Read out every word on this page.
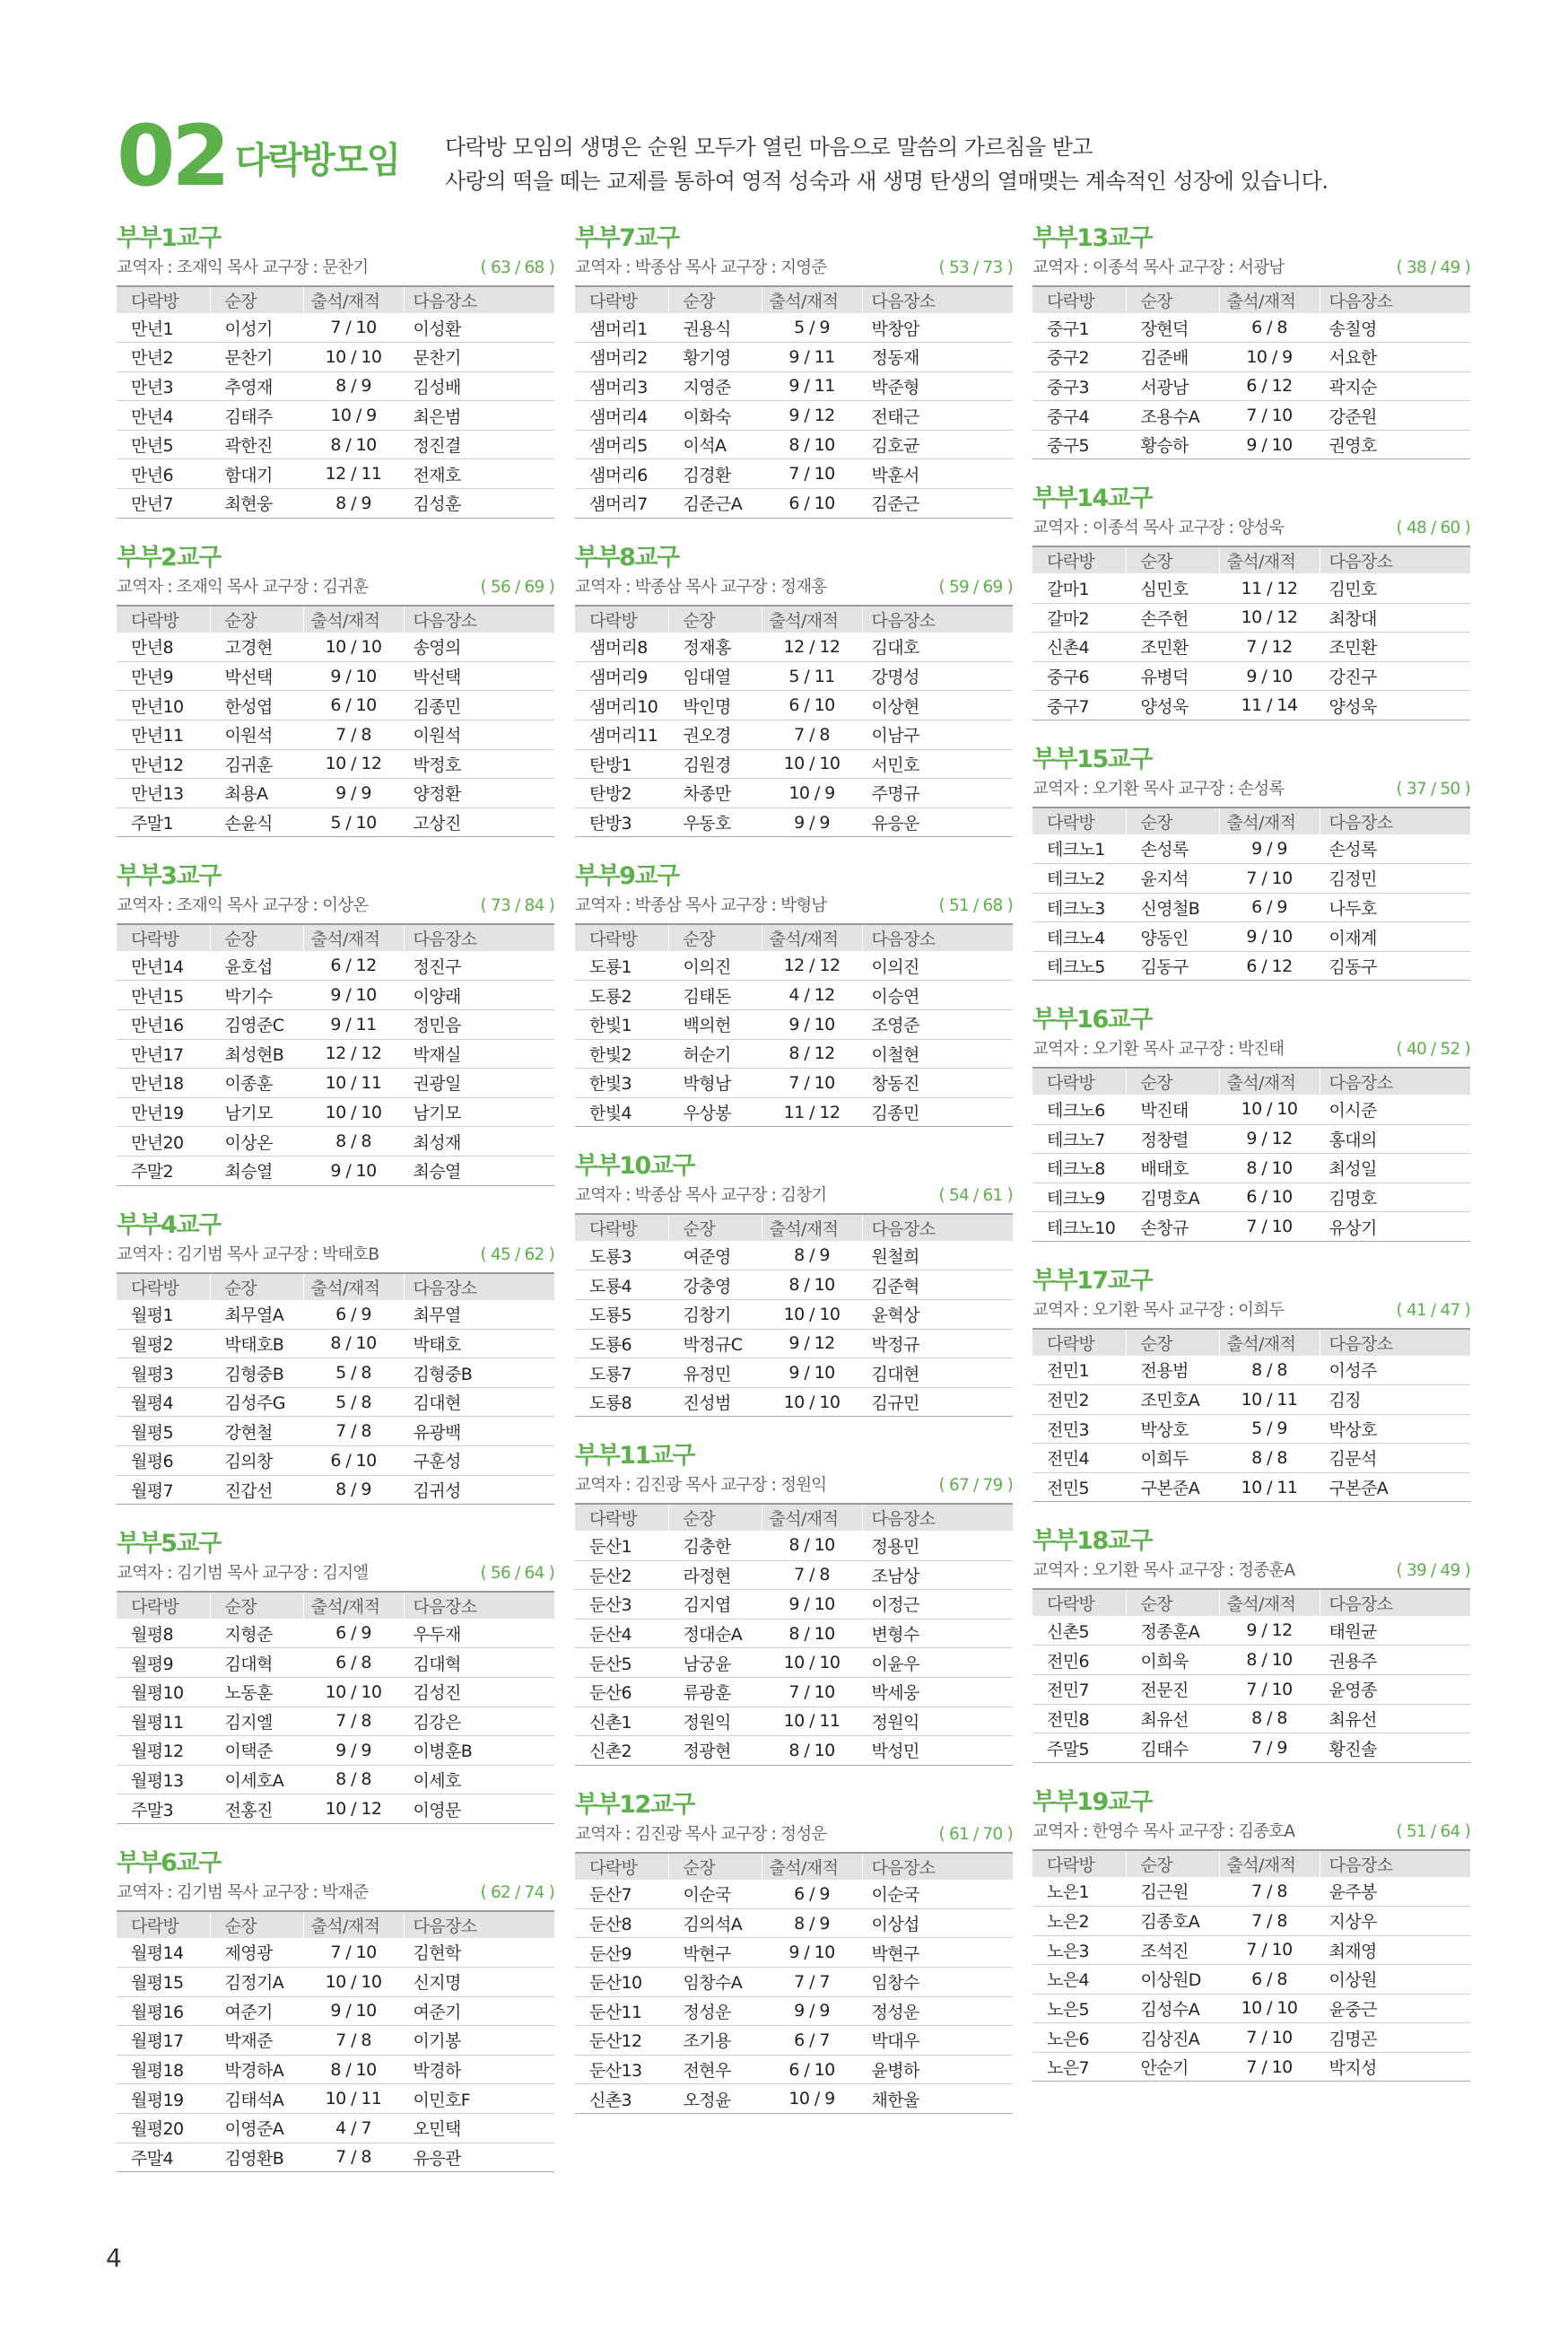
02 다락방모임 다락방 모임의 생명은 순원 모두가 열린 마음으로 말씀의 가르침을 받고
사랑의 떡을 떼는 교제를 통하여 영적 성숙과 새 생명 탄생의 열매맺는 계속적인 성장에 있습니다.
부부1교구
교역자 : 조재익 목사 교구장 : 문찬기	( 63 / 68 )
다락방	순장	출석/재적	다음장소
만년1	이성기	7 / 10	이성환
만년2	문찬기	10 / 10	문찬기
만년3	추영재	8 / 9	김성배
만년4	김태주	10 / 9	최은범
만년5	곽한진	8 / 10	정진결
만년6	함대기	12 / 11	전재호
만년7	최현웅	8 / 9	김성훈
부부2교구
교역자 : 조재익 목사 교구장 : 김귀훈	( 56 / 69 )
다락방	순장	출석/재적	다음장소
만년8	고경현	10 / 10	송영의
만년9	박선택	9 / 10	박선택
만년10	한성엽	6 / 10	김종민
만년11	이원석	7 / 8	이원석
만년12	김귀훈	10 / 12	박정호
만년13	최용A	9 / 9	양정환
주말1	손윤식	5 / 10	고상진
부부3교구
교역자 : 조재익 목사 교구장 : 이상온	( 73 / 84 )
다락방	순장	출석/재적	다음장소
만년14	윤호섭	6 / 12	정진구
만년15	박기수	9 / 10	이양래
만년16	김영준C	9 / 11	정민음
만년17	최성현B	12 / 12	박재실
만년18	이종훈	10 / 11	권광일
만년19	남기모	10 / 10	남기모
만년20	이상온	8 / 8	최성재
주말2	최승열	9 / 10	최승열
부부4교구
교역자 : 김기범 목사 교구장 : 박태호B	( 45 / 62 )
다락방	순장	출석/재적	다음장소
월평1	최무열A	6 / 9	최무열
월평2	박태호B	8 / 10	박태호
월평3	김형중B	5 / 8	김형중B
월평4	김성주G	5 / 8	김대현
월평5	강현철	7 / 8	유광백
월평6	김의창	6 / 10	구훈성
월평7	진갑선	8 / 9	김귀성
부부5교구
교역자 : 김기범 목사 교구장 : 김지엘	( 56 / 64 )
다락방	순장	출석/재적	다음장소
월평8	지형준	6 / 9	우두재
월평9	김대혁	6 / 8	김대혁
월평10	노동훈	10 / 10	김성진
월평11	김지엘	7 / 8	김강은
월평12	이택준	9 / 9	이병훈B
월평13	이세호A	8 / 8	이세호
주말3	전홍진	10 / 12	이영문
부부6교구
교역자 : 김기범 목사 교구장 : 박재준	( 62 / 74 )
다락방	순장	출석/재적	다음장소
월평14	제영광	7 / 10	김현학
월평15	김정기A	10 / 10	신지명
월평16	여준기	9 / 10	여준기
월평17	박재준	7 / 8	이기봉
월평18	박경하A	8 / 10	박경하
월평19	김태석A	10 / 11	이민호F
월평20	이영준A	4 / 7	오민택
주말4	김영환B	7 / 8	유응관
부부7교구
교역자 : 박종삼 목사 교구장 : 지영준	( 53 / 73 )
다락방	순장	출석/재적	다음장소
샘머리1	권용식	5 / 9	박창암
샘머리2	황기영	9 / 11	정동재
샘머리3	지영준	9 / 11	박준형
샘머리4	이화숙	9 / 12	전태근
샘머리5	이석A	8 / 10	김호균
샘머리6	김경환	7 / 10	박훈서
샘머리7	김준근A	6 / 10	김준근
부부8교구
교역자 : 박종삼 목사 교구장 : 정재홍	( 59 / 69 )
다락방	순장	출석/재적	다음장소
샘머리8	정재홍	12 / 12	김대호
샘머리9	임대열	5 / 11	강명성
샘머리10	박인명	6 / 10	이상현
샘머리11	권오경	7 / 8	이남구
탄방1	김원경	10 / 10	서민호
탄방2	차종만	10 / 9	주명규
탄방3	우동호	9 / 9	유응운
부부9교구
교역자 : 박종삼 목사 교구장 : 박형남	( 51 / 68 )
다락방	순장	출석/재적	다음장소
도룡1	이의진	12 / 12	이의진
도룡2	김태돈	4 / 12	이승연
한빛1	백의헌	9 / 10	조영준
한빛2	허순기	8 / 12	이철현
한빛3	박형남	7 / 10	창동진
한빛4	우상봉	11 / 12	김종민
부부10교구
교역자 : 박종삼 목사 교구장 : 김창기	( 54 / 61 )
다락방	순장	출석/재적	다음장소
도룡3	여준영	8 / 9	원철희
도룡4	강충영	8 / 10	김준혁
도룡5	김창기	10 / 10	윤혁상
도룡6	박정규C	9 / 12	박정규
도룡7	유정민	9 / 10	김대현
도룡8	진성범	10 / 10	김규민
부부11교구
교역자 : 김진광 목사 교구장 : 정원익	( 67 / 79 )
다락방	순장	출석/재적	다음장소
둔산1	김충한	8 / 10	정용민
둔산2	라정현	7 / 8	조남상
둔산3	김지엽	9 / 10	이정근
둔산4	정대순A	8 / 10	변형수
둔산5	남궁윤	10 / 10	이윤우
둔산6	류광훈	7 / 10	박세웅
신촌1	정원익	10 / 11	정원익
신촌2	정광현	8 / 10	박성민
부부12교구
교역자 : 김진광 목사 교구장 : 정성운	( 61 / 70 )
다락방	순장	출석/재적	다음장소
둔산7	이순국	6 / 9	이순국
둔산8	김의석A	8 / 9	이상섭
둔산9	박현구	9 / 10	박현구
둔산10	임창수A	7 / 7	임창수
둔산11	정성운	9 / 9	정성운
둔산12	조기용	6 / 7	박대우
둔산13	전현우	6 / 10	윤병하
신촌3	오정윤	10 / 9	채한울
부부13교구
교역자 : 이종석 목사 교구장 : 서광남	( 38 / 49 )
다락방	순장	출석/재적	다음장소
중구1	장현덕	6 / 8	송칠영
중구2	김준배	10 / 9	서요한
중구3	서광남	6 / 12	곽지순
중구4	조용수A	7 / 10	강준원
중구5	황승하	9 / 10	권영호
부부14교구
교역자 : 이종석 목사 교구장 : 양성욱	( 48 / 60 )
다락방	순장	출석/재적	다음장소
갈마1	심민호	11 / 12	김민호
갈마2	손주헌	10 / 12	최창대
신촌4	조민환	7 / 12	조민환
중구6	유병덕	9 / 10	강진구
중구7	양성욱	11 / 14	양성욱
부부15교구
교역자 : 오기환 목사 교구장 : 손성록	( 37 / 50 )
다락방	순장	출석/재적	다음장소
테크노1	손성록	9 / 9	손성록
테크노2	윤지석	7 / 10	김정민
테크노3	신영철B	6 / 9	나두호
테크노4	양동인	9 / 10	이재계
테크노5	김동구	6 / 12	김동구
부부16교구
교역자 : 오기환 목사 교구장 : 박진태	( 40 / 52 )
다락방	순장	출석/재적	다음장소
테크노6	박진태	10 / 10	이시준
테크노7	정창렬	9 / 12	홍대의
테크노8	배태호	8 / 10	최성일
테크노9	김명호A	6 / 10	김명호
테크노10	손창규	7 / 10	유상기
부부17교구
교역자 : 오기환 목사 교구장 : 이희두	( 41 / 47 )
다락방	순장	출석/재적	다음장소
전민1	전용범	8 / 8	이성주
전민2	조민호A	10 / 11	김징
전민3	박상호	5 / 9	박상호
전민4	이희두	8 / 8	김문석
전민5	구본준A	10 / 11	구본준A
부부18교구
교역자 : 오기환 목사 교구장 : 정종훈A	( 39 / 49 )
다락방	순장	출석/재적	다음장소
신촌5	정종훈A	9 / 12	태원균
전민6	이희욱	8 / 10	권용주
전민7	전문진	7 / 10	윤영종
전민8	최유선	8 / 8	최유선
주말5	김태수	7 / 9	황진솔
부부19교구
교역자 : 한영수 목사 교구장 : 김종호A	( 51 / 64 )
다락방	순장	출석/재적	다음장소
노은1	김근원	7 / 8	윤주봉
노은2	김종호A	7 / 8	지상우
노은3	조석진	7 / 10	최재영
노은4	이상원D	6 / 8	이상원
노은5	김성수A	10 / 10	윤중근
노은6	김상진A	7 / 10	김명곤
노은7	안순기	7 / 10	박지성
4
